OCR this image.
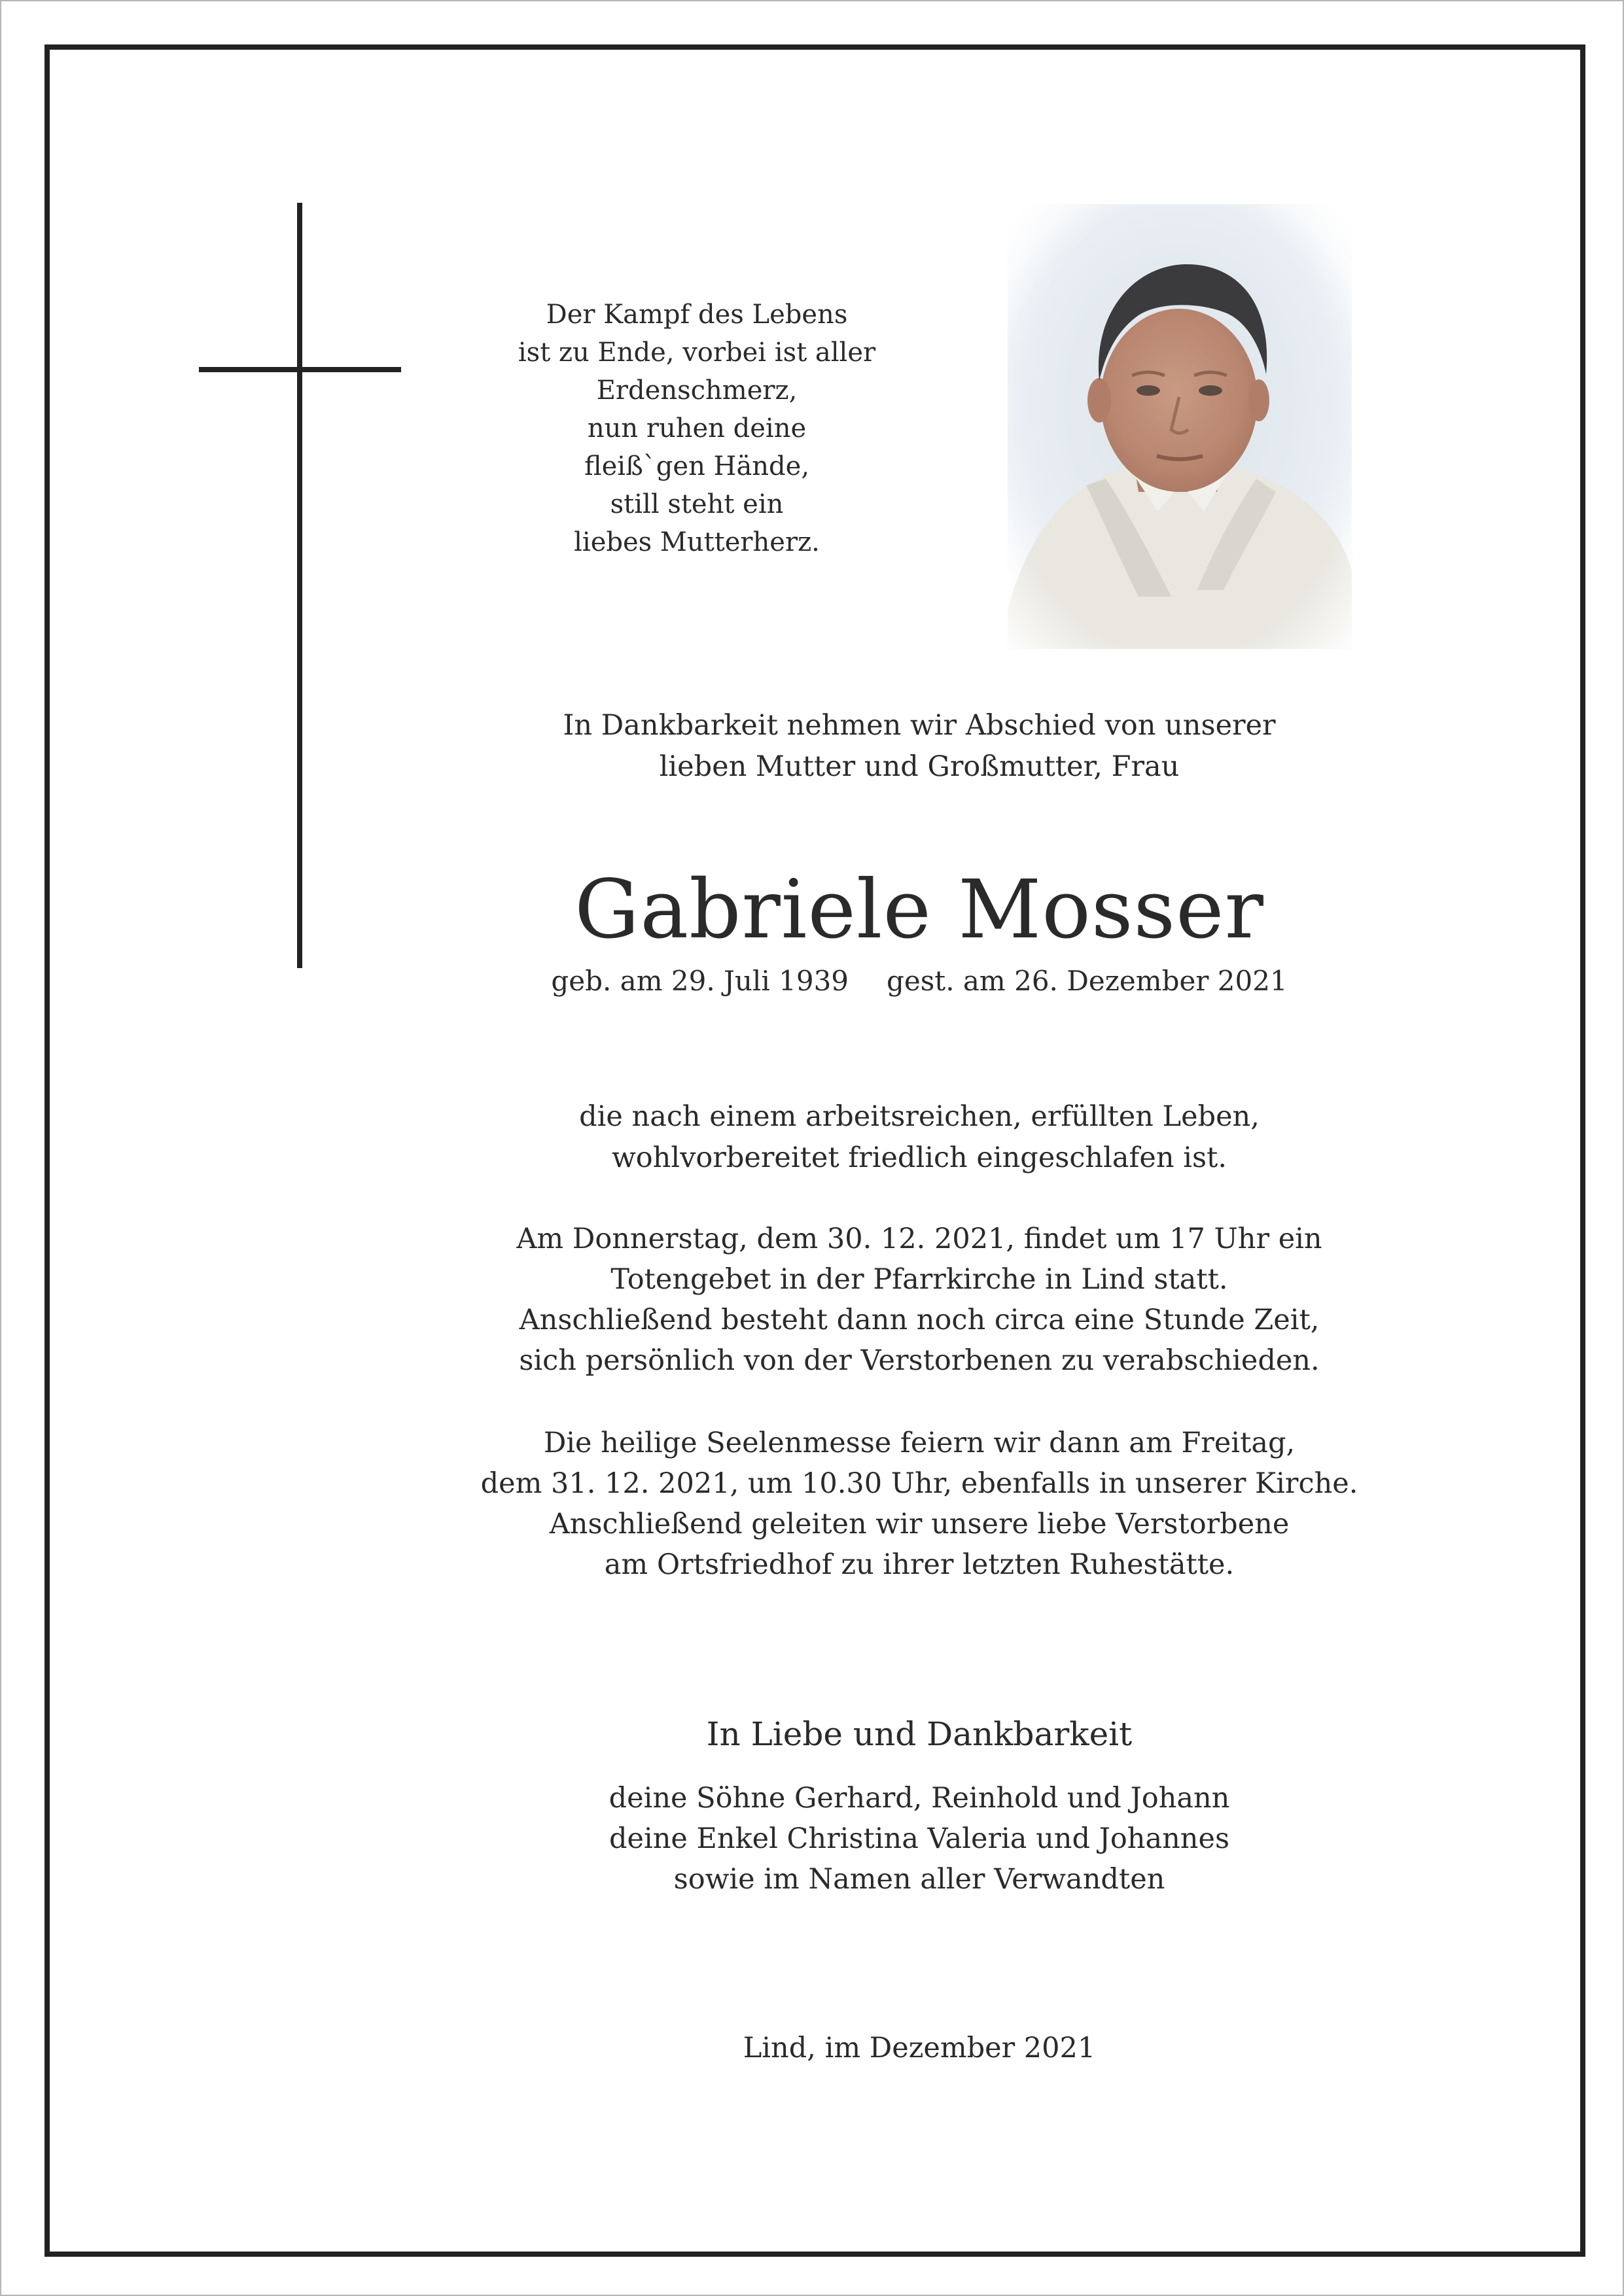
Der Kampf des Lebens
ist zu Ende, vorbei ist aller
Erdenschmerz,
nun ruhen deine
fleiß`gen Hände,
still steht ein
liebes Mutterherz.
In Dankbarkeit nehmen wir Abschied von unserer
lieben Mutter und Großmutter, Frau
Gabriele Mosser
geb. am 29. Juli 1939 gest. am 26. Dezember 2021
die nach einem arbeitsreichen, erfüllten Leben,
wohlvorbereitet friedlich eingeschlafen ist.
Am Donnerstag, dem 30. 12. 2021, findet um 17 Uhr ein
Totengebet in der Pfarrkirche in Lind statt.
Anschließend besteht dann noch circa eine Stunde Zeit,
sich persönlich von der Verstorbenen zu verabschieden.
Die heilige Seelenmesse feiern wir dann am Freitag,
dem 31. 12. 2021, um 10.30 Uhr, ebenfalls in unserer Kirche.
Anschließend geleiten wir unsere liebe Verstorbene
am Ortsfriedhof zu ihrer letzten Ruhestätte.
In Liebe und Dankbarkeit
deine Söhne Gerhard, Reinhold und Johann
deine Enkel Christina Valeria und Johannes
sowie im Namen aller Verwandten
Lind, im Dezember 2021
